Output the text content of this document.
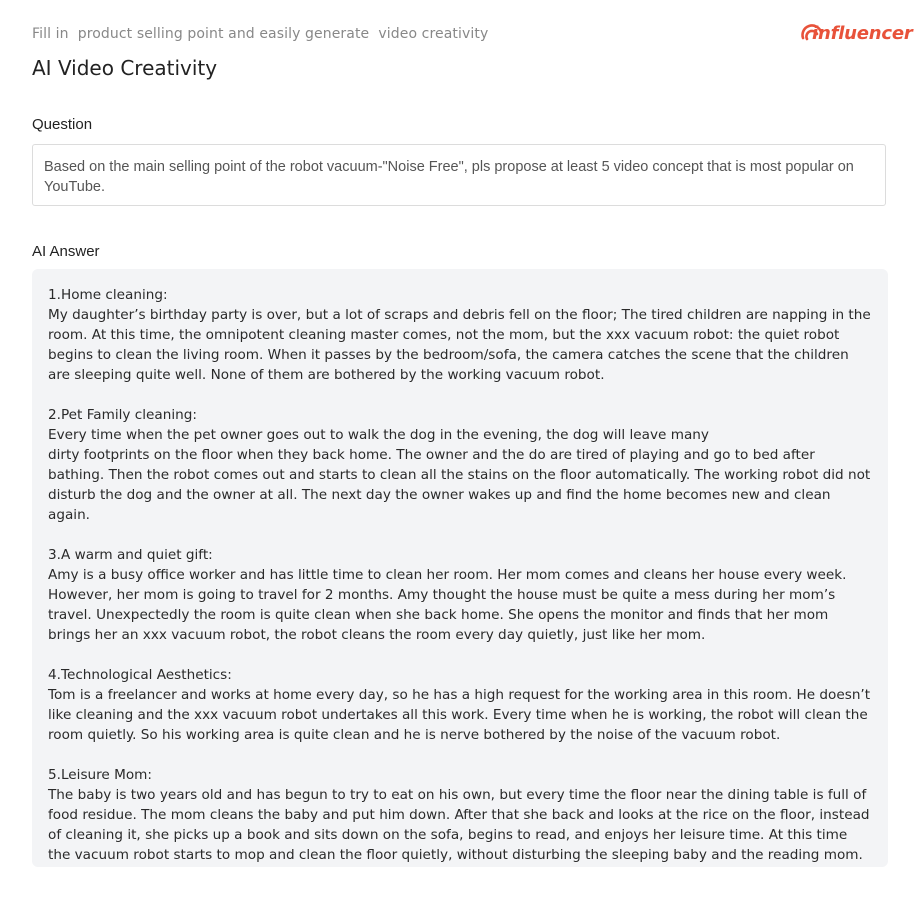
Fill in  product selling point and easily generate  video creativity
AI Video Creativity
influencer
Question
Based on the main selling point of the robot vacuum-"Noise Free", pls propose at least 5 video concept that is most popular on YouTube.
AI Answer
1.Home cleaning:
My daughter’s birthday party is over, but a lot of scraps and debris fell on the floor; The tired children are napping in the room. At this time, the omnipotent cleaning master comes, not the mom, but the xxx vacuum robot: the quiet robot begins to clean the living room. When it passes by the bedroom/sofa, the camera catches the scene that the children are sleeping quite well. None of them are bothered by the working vacuum robot.
2.Pet Family cleaning:
Every time when the pet owner goes out to walk the dog in the evening, the dog will leave many
dirty footprints on the floor when they back home. The owner and the do are tired of playing and go to bed after bathing. Then the robot comes out and starts to clean all the stains on the floor automatically. The working robot did not disturb the dog and the owner at all. The next day the owner wakes up and find the home becomes new and clean again.
3.A warm and quiet gift:
Amy is a busy office worker and has little time to clean her room. Her mom comes and cleans her house every week. However, her mom is going to travel for 2 months. Amy thought the house must be quite a mess during her mom’s travel. Unexpectedly the room is quite clean when she back home. She opens the monitor and finds that her mom brings her an xxx vacuum robot, the robot cleans the room every day quietly, just like her mom.
4.Technological Aesthetics:
Tom is a freelancer and works at home every day, so he has a high request for the working area in this room. He doesn’t like cleaning and the xxx vacuum robot undertakes all this work. Every time when he is working, the robot will clean the room quietly. So his working area is quite clean and he is nerve bothered by the noise of the vacuum robot.
5.Leisure Mom:
The baby is two years old and has begun to try to eat on his own, but every time the floor near the dining table is full of food residue. The mom cleans the baby and put him down. After that she back and looks at the rice on the floor, instead of cleaning it, she picks up a book and sits down on the sofa, begins to read, and enjoys her leisure time. At this time the vacuum robot starts to mop and clean the floor quietly, without disturbing the sleeping baby and the reading mom.
